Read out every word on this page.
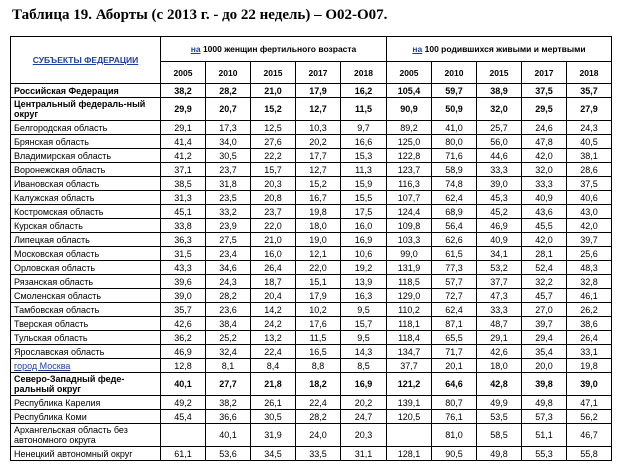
Таблица 19. Аборты (с 2013 г. - до 22 недель) – О02-О07.
СУБЪЕКТЫ ФЕДЕРАЦИИ	на 1000 женщин фертильного возраста					на 100 родившихся живыми и мертвыми				
	2005	2010	2015	2017	2018	2005	2010	2015	2017	2018
Российская Федерация	38,2	28,2	21,0	17,9	16,2	105,4	59,7	38,9	37,5	35,7
Центральный федераль-ный округ	29,9	20,7	15,2	12,7	11,5	90,9	50,9	32,0	29,5	27,9
Белгородская область	29,1	17,3	12,5	10,3	9,7	89,2	41,0	25,7	24,6	24,3
Брянская область	41,4	34,0	27,6	20,2	16,6	125,0	80,0	56,0	47,8	40,5
Владимирская область	41,2	30,5	22,2	17,7	15,3	122,8	71,6	44,6	42,0	38,1
Воронежская область	37,1	23,7	15,7	12,7	11,3	123,7	58,9	33,3	32,0	28,6
Ивановская область	38,5	31,8	20,3	15,2	15,9	116,3	74,8	39,0	33,3	37,5
Калужская область	31,3	23,5	20,8	16,7	15,5	107,7	62,4	45,3	40,9	40,6
Костромская область	45,1	33,2	23,7	19,8	17,5	124,4	68,9	45,2	43,6	43,0
Курская область	33,8	23,9	22,0	18,0	16,0	109,8	56,4	46,9	45,5	42,0
Липецкая область	36,3	27,5	21,0	19,0	16,9	103,3	62,6	40,9	42,0	39,7
Московская область	31,5	23,4	16,0	12,1	10,6	99,0	61,5	34,1	28,1	25,6
Орловская область	43,3	34,6	26,4	22,0	19,2	131,9	77,3	53,2	52,4	48,3
Рязанская область	39,6	24,3	18,7	15,1	13,9	118,5	57,7	37,7	32,2	32,8
Смоленская область	39,0	28,2	20,4	17,9	16,3	129,0	72,7	47,3	45,7	46,1
Тамбовская область	35,7	23,6	14,2	10,2	9,5	110,2	62,4	33,3	27,0	26,2
Тверская область	42,6	38,4	24,2	17,6	15,7	118,1	87,1	48,7	39,7	38,6
Тульская область	36,2	25,2	13,2	11,5	9,5	118,4	65,5	29,1	29,4	26,4
Ярославская область	46,9	32,4	22,4	16,5	14,3	134,7	71,7	42,6	35,4	33,1
город Москва	12,8	8,1	8,4	8,8	8,5	37,7	20,1	18,0	20,0	19,8
Северо-Западный феде-ральный округ	40,1	27,7	21,8	18,2	16,9	121,2	64,6	42,8	39,8	39,0
Республика Карелия	49,2	38,2	26,1	22,4	20,2	139,1	80,7	49,9	49,8	47,1
Республика Коми	45,4	36,6	30,5	28,2	24,7	120,5	76,1	53,5	57,3	56,2
Архангельская область без автономного округа		40,1	31,9	24,0	20,3		81,0	58,5	51,1	46,7
Ненецкий автономный округ	61,1	53,6	34,5	33,5	31,1	128,1	90,5	49,8	55,3	55,8
